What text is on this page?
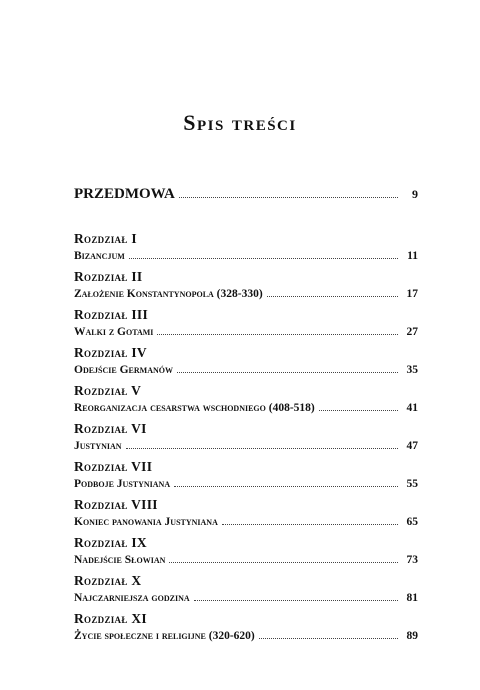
Spis treści
PRZEDMOWA	9
Rozdział I
Bizancjum	11
Rozdział II
Założenie Konstantynopola (328-330)	17
Rozdział III
Walki z Gotami	27
Rozdział IV
Odejście Germanów	35
Rozdział V
Reorganizacja cesarstwa wschodniego (408-518)	41
Rozdział VI
Justynian	47
Rozdział VII
Podboje Justyniana	55
Rozdział VIII
Koniec panowania Justyniana	65
Rozdział IX
Nadejście Słowian	73
Rozdział X
Najczarniejsza godzina	81
Rozdział XI
Życie społeczne i religijne (320-620)	89
